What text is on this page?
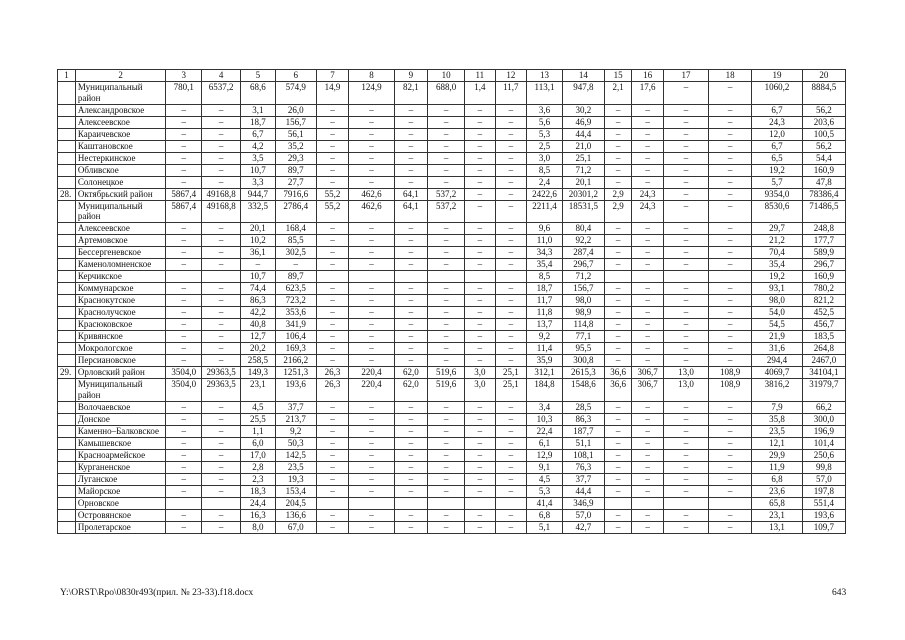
1	2	3	4	5	6	7	8	9	10	11	12	13	14	15	16	17	18	19	20
	Муниципальный район	780,1	6537,2	68,6	574,9	14,9	124,9	82,1	688,0	1,4	11,7	113,1	947,8	2,1	17,6	–	–	1060,2	8884,5
	Александровское	–	–	3,1	26,0	–	–	–	–	–	–	3,6	30,2	–	–	–	–	6,7	56,2
	Алексеевское	–	–	18,7	156,7	–	–	–	–	–	–	5,6	46,9	–	–	–	–	24,3	203,6
	Караичевское	–	–	6,7	56,1	–	–	–	–	–	–	5,3	44,4	–	–	–	–	12,0	100,5
	Каштановское	–	–	4,2	35,2	–	–	–	–	–	–	2,5	21,0	–	–	–	–	6,7	56,2
	Нестеркинское	–	–	3,5	29,3	–	–	–	–	–	–	3,0	25,1	–	–	–	–	6,5	54,4
	Обливское	–	–	10,7	89,7	–	–	–	–	–	–	8,5	71,2	–	–	–	–	19,2	160,9
	Солонецкое	–	–	3,3	27,7	–	–	–	–	–	–	2,4	20,1	–	–	–	–	5,7	47,8
28.	Октябрьский район	5867,4	49168,8	944,7	7916,6	55,2	462,6	64,1	537,2	–	–	2422,6	20301,2	2,9	24,3	–	–	9354,0	78386,4
	Муниципальный район	5867,4	49168,8	332,5	2786,4	55,2	462,6	64,1	537,2	–	–	2211,4	18531,5	2,9	24,3	–	–	8530,6	71486,5
	Алексеевское	–	–	20,1	168,4	–	–	–	–	–	–	9,6	80,4	–	–	–	–	29,7	248,8
	Артемовское	–	–	10,2	85,5	–	–	–	–	–	–	11,0	92,2	–	–	–	–	21,2	177,7
	Бессергеневское	–	–	36,1	302,5	–	–	–	–	–	–	34,3	287,4	–	–	–	–	70,4	589,9
	Каменоломненское	–	–	–	–	–	–	–	–	–	–	35,4	296,7	–	–	–	–	35,4	296,7
	Керчикское			10,7	89,7							8,5	71,2					19,2	160,9
	Коммунарское	–	–	74,4	623,5	–	–	–	–	–	–	18,7	156,7	–	–	–	–	93,1	780,2
	Краснокутское	–	–	86,3	723,2	–	–	–	–	–	–	11,7	98,0	–	–	–	–	98,0	821,2
	Краснолучское	–	–	42,2	353,6	–	–	–	–	–	–	11,8	98,9	–	–	–	–	54,0	452,5
	Красюковское	–	–	40,8	341,9	–	–	–	–	–	–	13,7	114,8	–	–	–	–	54,5	456,7
	Кривянское	–	–	12,7	106,4	–	–	–	–	–	–	9,2	77,1	–	–	–	–	21,9	183,5
	Мокрологское	–	–	20,2	169,3	–	–	–	–	–	–	11,4	95,5	–	–	–	–	31,6	264,8
	Персиановское	–	–	258,5	2166,2	–	–	–	–	–	–	35,9	300,8	–	–	–	–	294,4	2467,0
29.	Орловский район	3504,0	29363,5	149,3	1251,3	26,3	220,4	62,0	519,6	3,0	25,1	312,1	2615,3	36,6	306,7	13,0	108,9	4069,7	34104,1
	Муниципальный район	3504,0	29363,5	23,1	193,6	26,3	220,4	62,0	519,6	3,0	25,1	184,8	1548,6	36,6	306,7	13,0	108,9	3816,2	31979,7
	Волочаевское	–	–	4,5	37,7	–	–	–	–	–	–	3,4	28,5	–	–	–	–	7,9	66,2
	Донское	–	–	25,5	213,7	–	–	–	–	–	–	10,3	86,3	–	–	–	–	35,8	300,0
	Каменно–Балковское	–	–	1,1	9,2	–	–	–	–	–	–	22,4	187,7	–	–	–	–	23,5	196,9
	Камышевское	–	–	6,0	50,3	–	–	–	–	–	–	6,1	51,1	–	–	–	–	12,1	101,4
	Красноармейское	–	–	17,0	142,5	–	–	–	–	–	–	12,9	108,1	–	–	–	–	29,9	250,6
	Курганенское	–	–	2,8	23,5	–	–	–	–	–	–	9,1	76,3	–	–	–	–	11,9	99,8
	Луганское	–	–	2,3	19,3	–	–	–	–	–	–	4,5	37,7	–	–	–	–	6,8	57,0
	Майорское	–	–	18,3	153,4	–	–	–	–	–	–	5,3	44,4	–	–	–	–	23,6	197,8
	Орновское			24,4	204,5							41,4	346,9					65,8	551,4
	Островянское	–	–	16,3	136,6	–	–	–	–	–	–	6,8	57,0	–	–	–	–	23,1	193,6
	Пролетарское	–	–	8,0	67,0	–	–	–	–	–	–	5,1	42,7	–	–	–	–	13,1	109,7
Y:\ORST\Rpo\0830r493(прил. № 23-33).f18.docx	643
